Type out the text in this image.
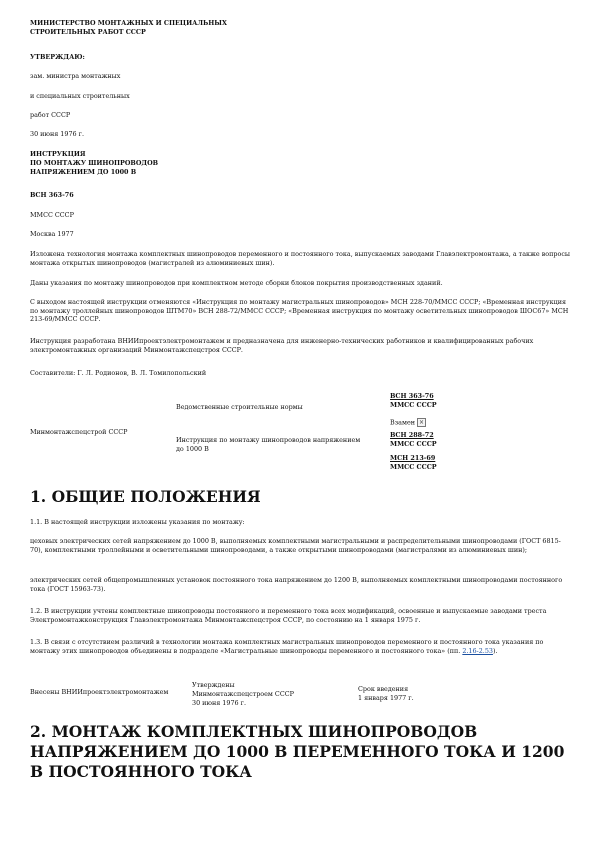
МИНИСТЕРСТВО МОНТАЖНЫХ И СПЕЦИАЛЬНЫХ
СТРОИТЕЛЬНЫХ РАБОТ СССР
УТВЕРЖДАЮ:
зам. министра монтажных
и специальных строительных
работ СССР
30 июня 1976 г.
ИНСТРУКЦИЯ
ПО МОНТАЖУ ШИНОПРОВОДОВ
НАПРЯЖЕНИЕМ ДО 1000 В
ВСН 363-76
ММСС СССР
Москва 1977
Изложена технология монтажа комплектных шинопроводов переменного и постоянного тока, выпускаемых заводами Главэлектромонтажа, а также вопросы монтажа открытых шинопроводов (магистралей из алюминиевых шин).
Даны указания по монтажу шинопроводов при комплектном методе сборки блоков покрытия производственных зданий.
С выходом настоящей инструкции отменяются «Инструкция по монтажу магистральных шинопроводов» МСН 228-70/ММСС СССР; «Временная инструкция по монтажу троллейных шинопроводов ШТМ70» ВСН 288-72/ММСС СССР; «Временная инструкция по монтажу осветительных шинопроводов ШОС67» МСН 213-69/ММСС СССР.
Инструкция разработана ВНИИпроектэлектромонтажем и предназначена для инженерно-технических работников и квалифицированных рабочих электромонтажных организаций Минмонтажспецстроя СССР.
Составители: Г. Л. Родионов, В. Л. Томилопольский
Минмонтажспецстрой СССР
Ведомственные строительные нормы
Инструкция по монтажу шинопроводов напряжением до 1000 В
ВСН 363-76
ММСС СССР
Взамен ×
ВСН 288-72
ММСС СССР
МСН 213-69
ММСС СССР
1. ОБЩИЕ ПОЛОЖЕНИЯ
1.1. В настоящей инструкции изложены указания по монтажу:
цеховых электрических сетей напряжением до 1000 В, выполняемых комплектными магистральными и распределительными шинопроводами (ГОСТ 6815-70), комплектными троллейными и осветительными шинопроводами, а также открытыми шинопроводами (магистралями из алюминиевых шин);
электрических сетей общепромышленных установок постоянного тока напряжением до 1200 В, выполняемых комплектными шинопроводами постоянного тока (ГОСТ 15963-73).
1.2. В инструкции учтены комплектные шинопроводы постоянного и переменного тока всех модификаций, освоенные и выпускаемые заводами треста Электромонтажконструкция Главэлектромонтажа Минмонтажспецстроя СССР, по состоянию на 1 января 1975 г.
1.3. В связи с отсутствием различий в технологии монтажа комплектных магистральных шинопроводов переменного и постоянного тока указания по монтажу этих шинопроводов объединены в подразделе «Магистральные шинопроводы переменного и постоянного тока» (пп. 2.16-2.53).
Внесены ВНИИпроектэлектромонтажем
Утверждены
Минмонтажспецстроем СССР
30 июня 1976 г.
Срок введения
1 января 1977 г.
2. МОНТАЖ КОМПЛЕКТНЫХ ШИНОПРОВОДОВ НАПРЯЖЕНИЕМ ДО 1000 В ПЕРЕМЕННОГО ТОКА И 1200 В ПОСТОЯННОГО ТОКА
